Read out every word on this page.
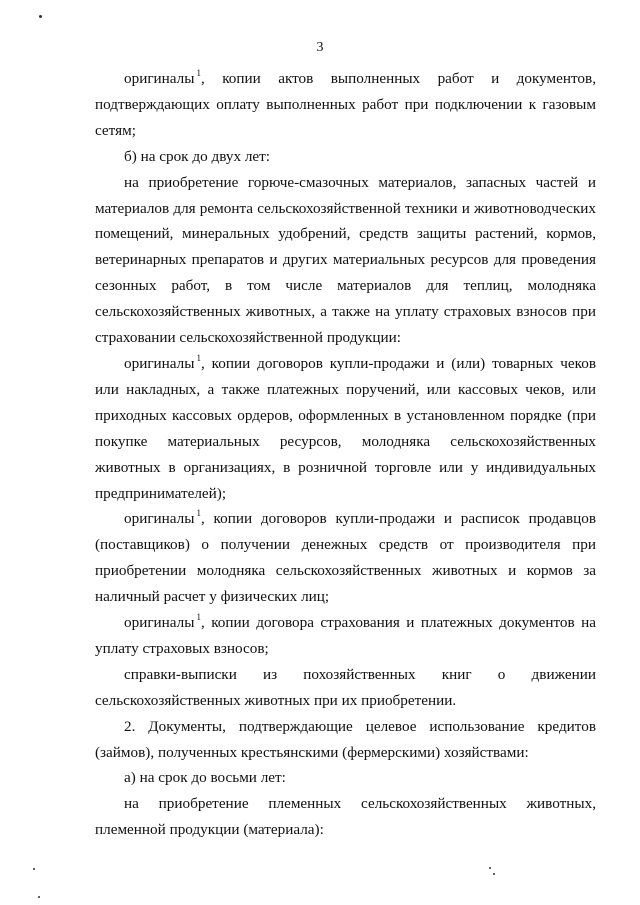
3

оригиналы $^1$, копии актов выполненных работ и документов, подтверждающих оплату выполненных работ при подключении к газовым сетям;

б) на срок до двух лет:

на приобретение горюче-смазочных материалов, запасных частей и материалов для ремонта сельскохозяйственной техники и животноводческих помещений, минеральных удобрений, средств защиты растений, кормов, ветеринарных препаратов и других материальных ресурсов для проведения сезонных работ, в том числе материалов для теплиц, молодняка сельскохозяйственных животных, а также на уплату страховых взносов при страховании сельскохозяйственной продукции:

оригиналы $^1$, копии договоров купли-продажи и (или) товарных чеков или накладных, а также платежных поручений, или кассовых чеков, или приходных кассовых ордеров, оформленных в установленном порядке (при покупке материальных ресурсов, молодняка сельскохозяйственных животных в организациях, в розничной торговле или у индивидуальных предпринимателей);

оригиналы $^1$, копии договоров купли-продажи и расписок продавцов (поставщиков) о получении денежных средств от производителя при приобретении молодняка сельскохозяйственных животных и кормов за наличный расчет у физических лиц;

оригиналы $^1$, копии договора страхования и платежных документов на уплату страховых взносов;

справки-выписки из похозяйственных книг о движении сельскохозяйственных животных при их приобретении.

2. Документы, подтверждающие целевое использование кредитов (займов), полученных крестьянскими (фермерскими) хозяйствами:

а) на срок до восьми лет:

на приобретение племенных сельскохозяйственных животных, племенной продукции (материала):
